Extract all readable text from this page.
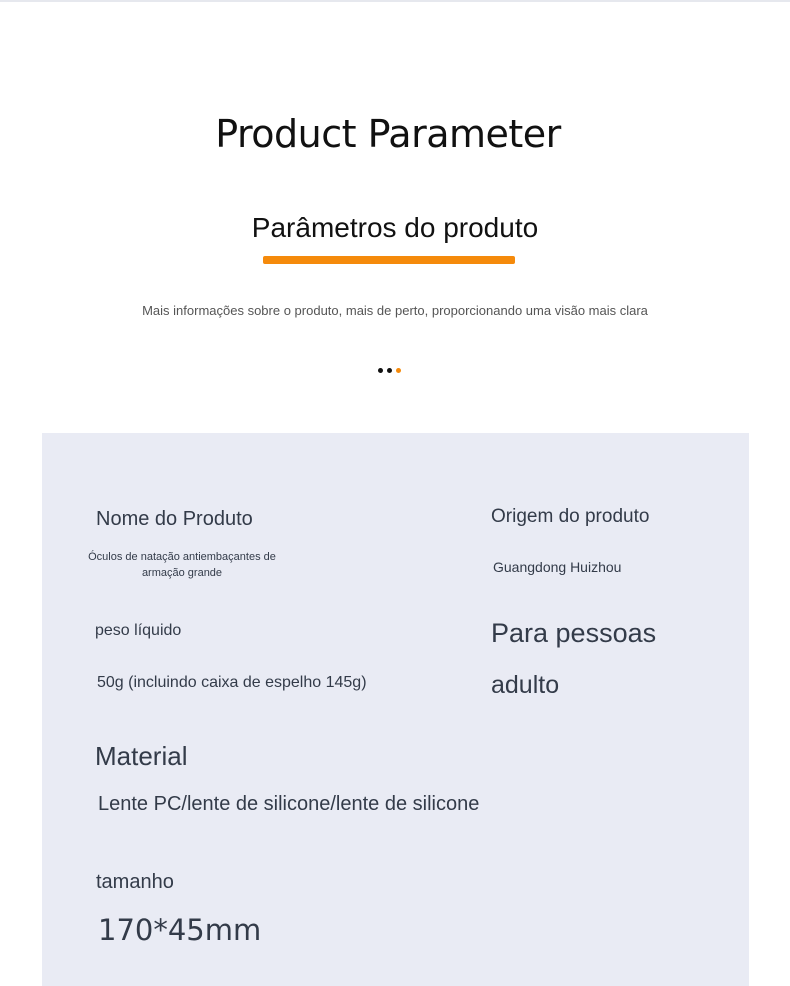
Product Parameter
Parâmetros do produto
Mais informações sobre o produto, mais de perto, proporcionando uma visão mais clara
Nome do Produto
Óculos de natação antiembaçantes de armação grande
Origem do produto
Guangdong Huizhou
peso líquido
50g (incluindo caixa de espelho 145g)
Para pessoas
adulto
Material
Lente PC/lente de silicone/lente de silicone
tamanho
170*45mm
